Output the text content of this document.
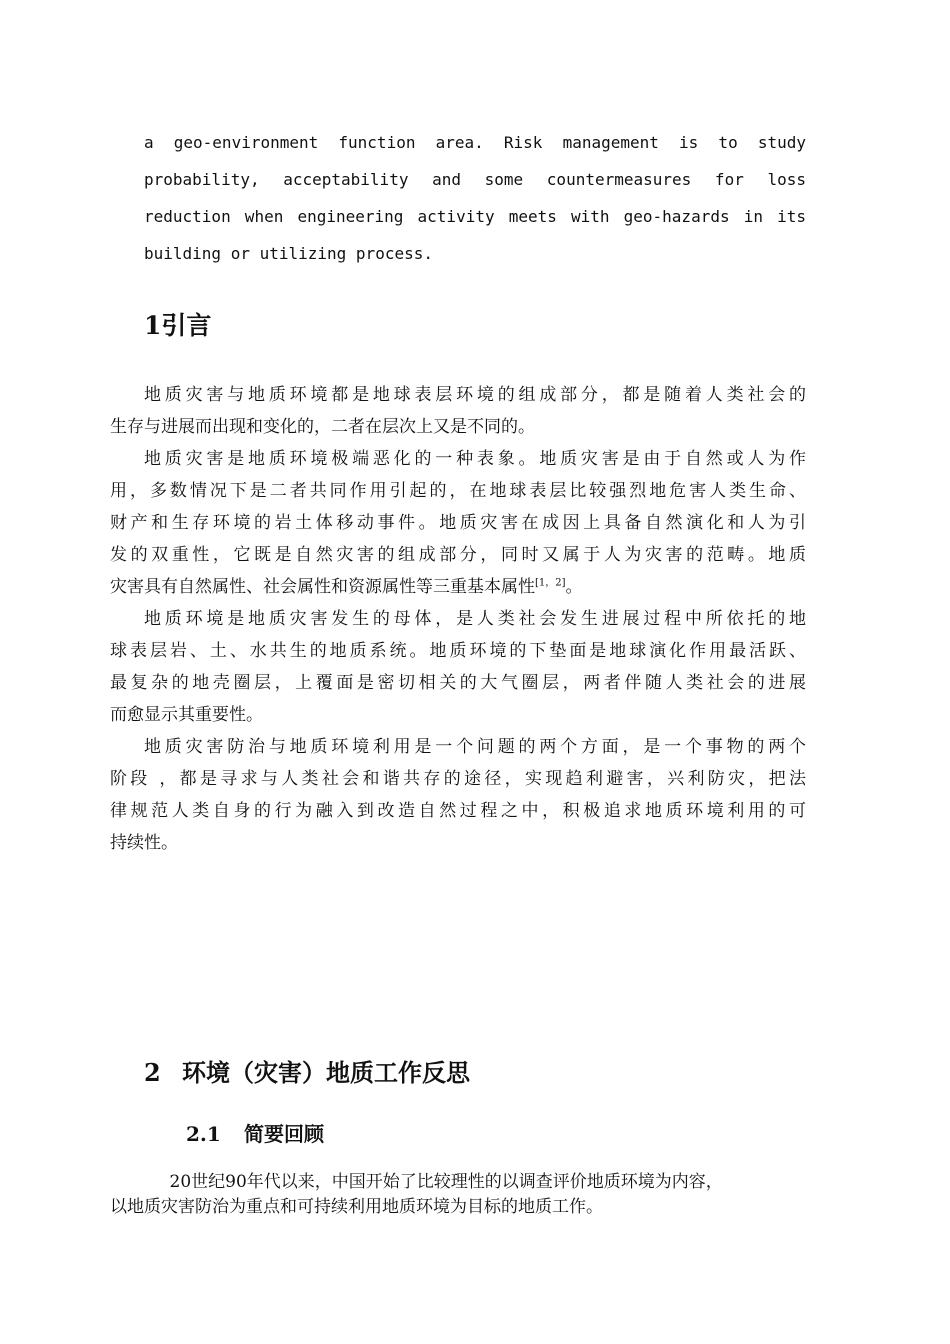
a geo-environment function area. Risk management is to study
probability, acceptability and some countermeasures for loss
reduction when engineering activity meets with geo-hazards in its
building or utilizing process.
1引言

地质灾害与地质环境都是地球表层环境的组成部分，都是随着人类社会的
生存与进展而出现和变化的，二者在层次上又是不同的。

地质灾害是地质环境极端恶化的一种表象。地质灾害是由于自然或人为作
用，多数情况下是二者共同作用引起的，在地球表层比较强烈地危害人类生命、
财产和生存环境的岩土体移动事件。地质灾害在成因上具备自然演化和人为引
发的双重性，它既是自然灾害的组成部分，同时又属于人为灾害的范畴。地质
灾害具有自然属性、社会属性和资源属性等三重基本属性[1，2]。

地质环境是地质灾害发生的母体，是人类社会发生进展过程中所依托的地
球表层岩、土、水共生的地质系统。地质环境的下垫面是地球演化作用最活跃、
最复杂的地壳圈层，上覆面是密切相关的大气圈层，两者伴随人类社会的进展
而愈显示其重要性。

地质灾害防治与地质环境利用是一个问题的两个方面，是一个事物的两个
阶段 ，都是寻求与人类社会和谐共存的途径，实现趋利避害，兴利防灾，把法
律规范人类自身的行为融入到改造自然过程之中，积极追求地质环境利用的可
持续性。

2 环境（灾害）地质工作反思
2.1 简要回顾

20世纪90年代以来，中国开始了比较理性的以调查评价地质环境为内容，
以地质灾害防治为重点和可持续利用地质环境为目标的地质工作。
